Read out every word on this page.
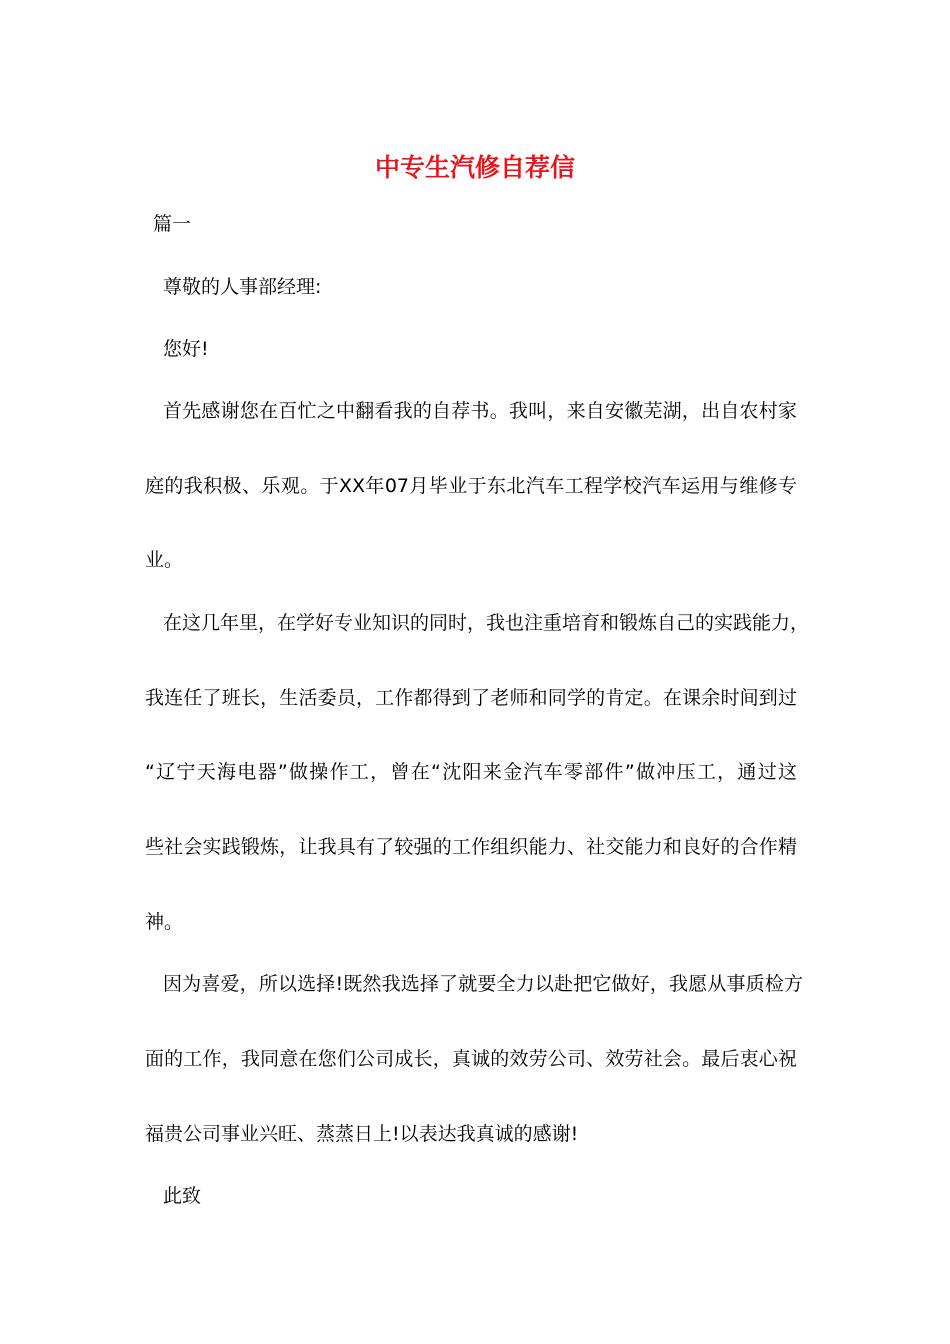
中专生汽修自荐信

篇一

尊敬的人事部经理:

您好!

首先感谢您在百忙之中翻看我的自荐书。我叫，来自安徽芜湖，出自农村家

庭的我积极、乐观。于XX年07月毕业于东北汽车工程学校汽车运用与维修专

业。

在这几年里，在学好专业知识的同时，我也注重培育和锻炼自己的实践能力，

我连任了班长，生活委员，工作都得到了老师和同学的肯定。在课余时间到过

“辽宁天海电器”做操作工，曾在“沈阳来金汽车零部件”做冲压工，通过这

些社会实践锻炼，让我具有了较强的工作组织能力、社交能力和良好的合作精

神。

因为喜爱，所以选择!既然我选择了就要全力以赴把它做好，我愿从事质检方

面的工作，我同意在您们公司成长，真诚的效劳公司、效劳社会。最后衷心祝

福贵公司事业兴旺、蒸蒸日上!以表达我真诚的感谢!

此致
